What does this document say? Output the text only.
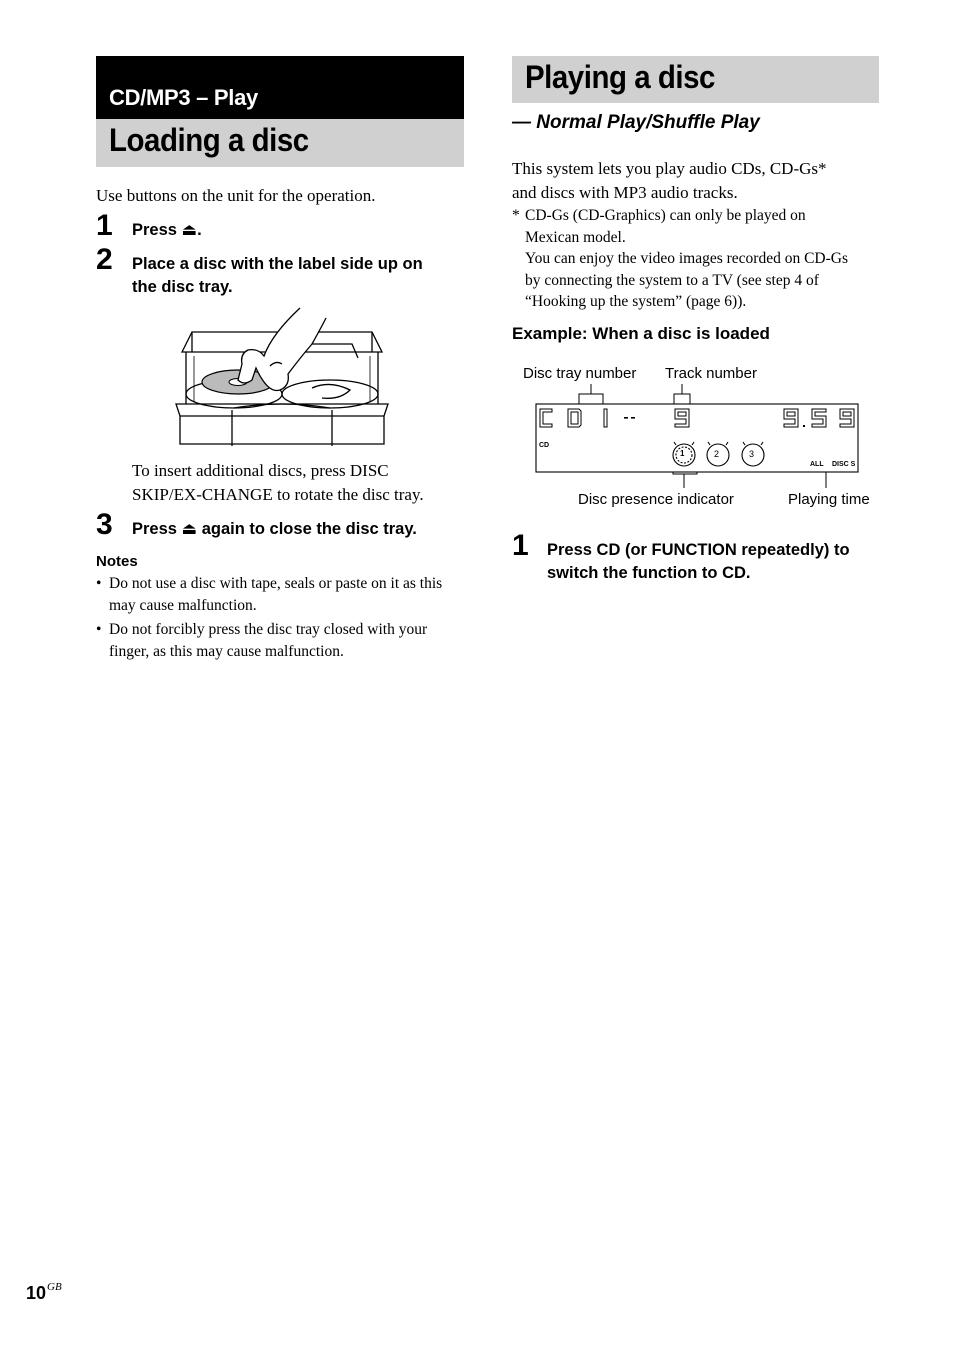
CD/MP3 – Play
Loading a disc

Use buttons on the unit for the operation.

1 Press ⏏.

2 Place a disc with the label side up on

the disc tray.

To insert additional discs, press DISC

SKIP/EX-CHANGE to rotate the disc tray.

3 Press ⏏ again to close the disc tray.

Notes
• Do not use a disc with tape, seals or paste on it as this
may cause malfunction.
• Do not forcibly press the disc tray closed with your
finger, as this may cause malfunction.
Playing a disc
— Normal Play/Shuffle Play

This system lets you play audio CDs, CD-Gs*

and discs with MP3 audio tracks.

* CD-Gs (CD-Graphics) can only be played on

Mexican model.

You can enjoy the video images recorded on CD-Gs

by connecting the system to a TV (see step 4 of

“Hooking up the system” (page 6)).

Example: When a disc is loaded
Disc tray number Track number
Disc presence indicator	Playing time
CD
ALL DISC S
1	2	3
1 Press CD (or FUNCTION repeatedly) to

switch the function to CD.

$10^{GB}$
